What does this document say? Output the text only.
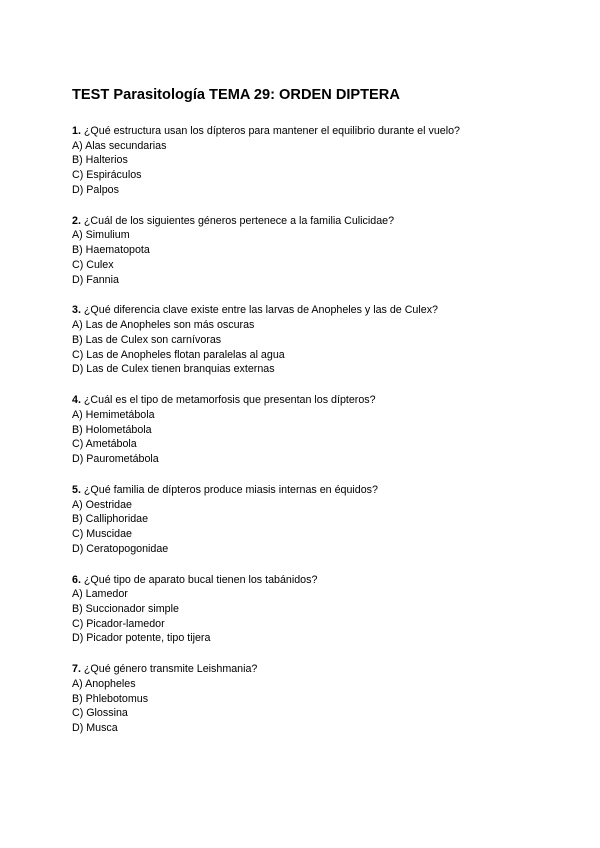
TEST Parasitología TEMA 29: ORDEN DIPTERA
1. ¿Qué estructura usan los dípteros para mantener el equilibrio durante el vuelo?
A) Alas secundarias
B) Halterios
C) Espiráculos
D) Palpos
2. ¿Cuál de los siguientes géneros pertenece a la familia Culicidae?
A) Simulium
B) Haematopota
C) Culex
D) Fannia
3. ¿Qué diferencia clave existe entre las larvas de Anopheles y las de Culex?
A) Las de Anopheles son más oscuras
B) Las de Culex son carnívoras
C) Las de Anopheles flotan paralelas al agua
D) Las de Culex tienen branquias externas
4. ¿Cuál es el tipo de metamorfosis que presentan los dípteros?
A) Hemimetábola
B) Holometábola
C) Ametábola
D) Paurometábola
5. ¿Qué familia de dípteros produce miasis internas en équidos?
A) Oestridae
B) Calliphoridae
C) Muscidae
D) Ceratopogonidae
6. ¿Qué tipo de aparato bucal tienen los tabánidos?
A) Lamedor
B) Succionador simple
C) Picador-lamedor
D) Picador potente, tipo tijera
7. ¿Qué género transmite Leishmania?
A) Anopheles
B) Phlebotomus
C) Glossina
D) Musca
